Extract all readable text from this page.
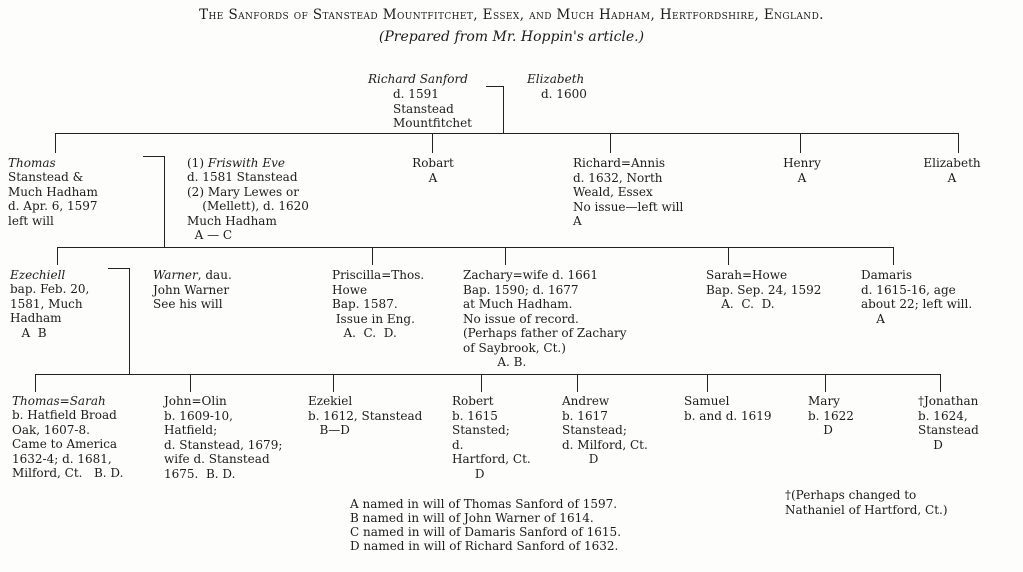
The Sanfords of Stanstead Mountfitchet, Essex, and Much Hadham, Hertfordshire, England.
(Prepared from Mr. Hoppin's article.)
Richard Sanford
d. 1591
Stanstead
Mountfitchet
Elizabeth
d. 1600
Thomas
Stanstead &
Much Hadham
d. Apr. 6, 1597
left will
(1) Friswith Eve
d. 1581 Stanstead
(2) Mary Lewes or
(Mellett), d. 1620
Much Hadham
A — C
Robart
A
Richard=Annis
d. 1632, North
Weald, Essex
No issue—left will
A
Henry
A
Elizabeth
A
Ezechiell
bap. Feb. 20,
1581, Much
Hadham
A  B
Warner, dau.
John Warner
See his will
Priscilla=Thos.
Howe
Bap. 1587.
Issue in Eng.
A.  C.  D.
Zachary=wife d. 1661
Bap. 1590; d. 1677
at Much Hadham.
No issue of record.
(Perhaps father of Zachary
of Saybrook, Ct.)
A. B.
Sarah=Howe
Bap. Sep. 24, 1592
A.  C.  D.
Damaris
d. 1615-16, age
about 22; left will.
A
Thomas=Sarah
b. Hatfield Broad
Oak, 1607-8.
Came to America
1632-4; d. 1681,
Milford, Ct.   B. D.
John=Olin
b. 1609-10,
Hatfield;
d. Stanstead, 1679;
wife d. Stanstead
1675.  B. D.
Ezekiel
b. 1612, Stanstead
B—D
Robert
b. 1615
Stansted;
d.
Hartford, Ct.
D
Andrew
b. 1617
Stanstead;
d. Milford, Ct.
D
Samuel
b. and d. 1619
Mary
b. 1622
D
†Jonathan
b. 1624,
Stanstead
D
A named in will of Thomas Sanford of 1597.
B named in will of John Warner of 1614.
C named in will of Damaris Sanford of 1615.
D named in will of Richard Sanford of 1632.
†(Perhaps changed to
Nathaniel of Hartford, Ct.)
